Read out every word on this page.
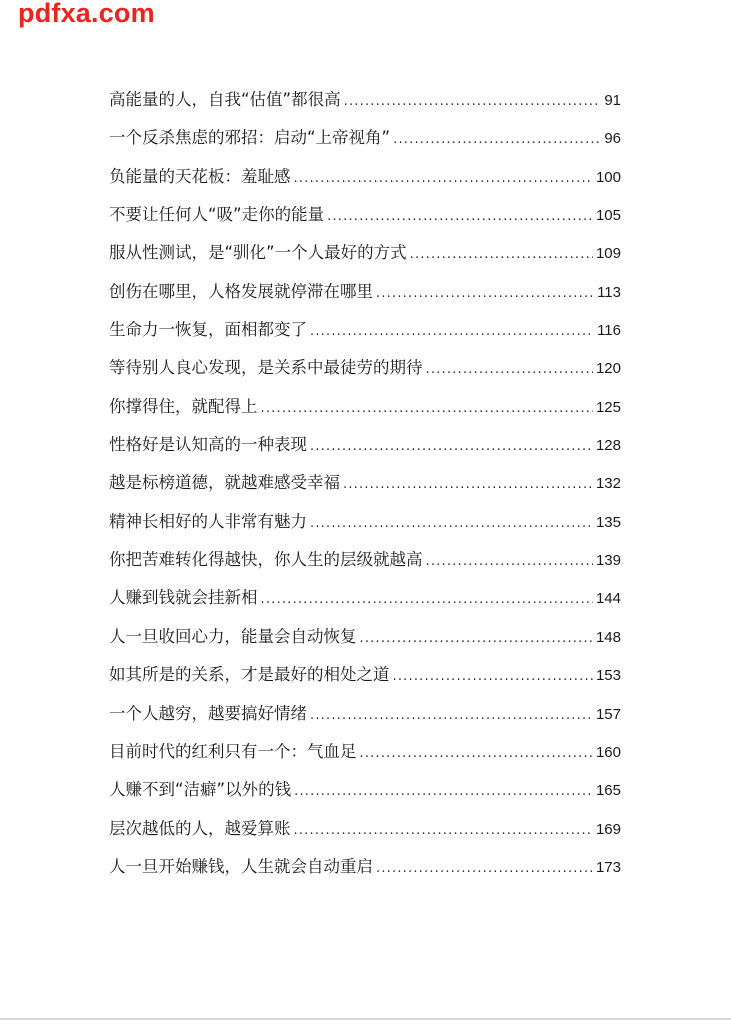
pdfxa.com
高能量的人，自我“估值”都很高 .....	91
一个反杀焦虑的邪招：启动“上帝视角” .....	96
负能量的天花板：羞耻感 .....	100
不要让任何人“吸”走你的能量 .....	105
服从性测试，是“驯化”一个人最好的方式 .....	109
创伤在哪里，人格发展就停滞在哪里 .....	113
生命力一恢复，面相都变了 .....	116
等待别人良心发现，是关系中最徒劳的期待 .....	120
你撑得住，就配得上 .....	125
性格好是认知高的一种表现 .....	128
越是标榜道德，就越难感受幸福 .....	132
精神长相好的人非常有魅力 .....	135
你把苦难转化得越快，你人生的层级就越高 .....	139
人赚到钱就会挂新相 .....	144
人一旦收回心力，能量会自动恢复 .....	148
如其所是的关系，才是最好的相处之道 .....	153
一个人越穷，越要搞好情绪 .....	157
目前时代的红利只有一个：气血足 .....	160
人赚不到“洁癖”以外的钱 .....	165
层次越低的人，越爱算账 .....	169
人一旦开始赚钱，人生就会自动重启 .....	173
